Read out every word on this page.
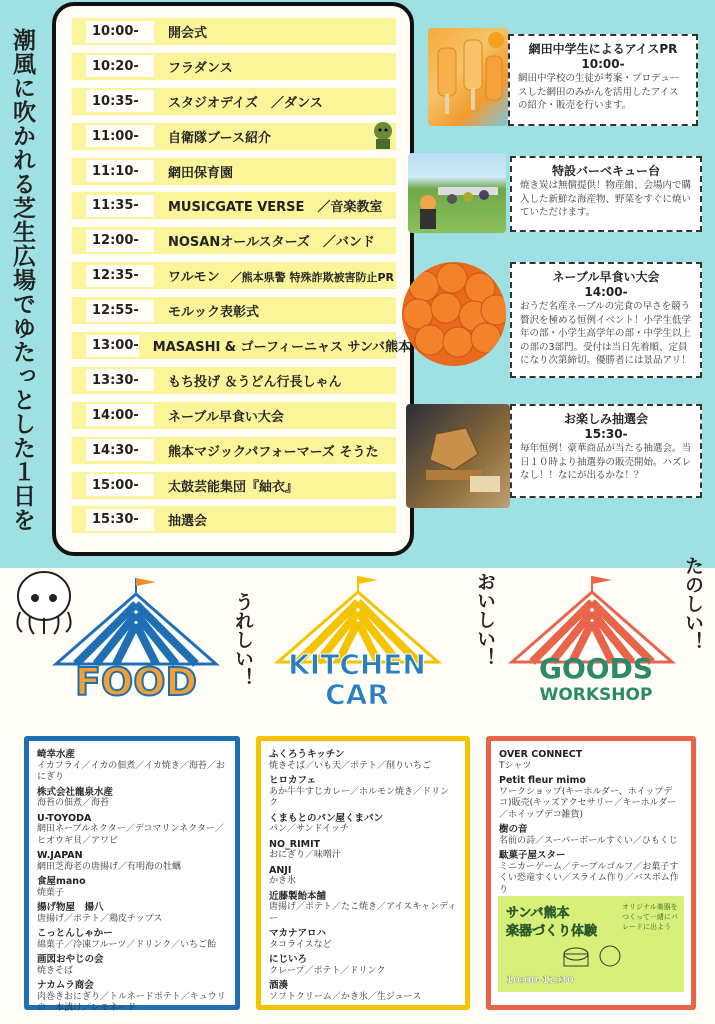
潮風に吹かれる芝生広場でゆたっとした１日を	10:00-	開会式
10:20-	フラダンス
10:35-	スタジオデイズ　／ダンス
11:00-	自衛隊ブース紹介
11:10-	網田保育園
11:35-	MUSICGATE VERSE　／音楽教室
12:00-	NOSANオールスターズ　／バンド
12:35-	ワルモン　／熊本県警 特殊詐欺被害防止PR
12:55-	モルック表彰式
13:00- MASASHI & ゴーフィーニャス サンバ熊本
13:30-	もち投げ ＆うどん行長しゃん
14:00-	ネーブル早食い大会
14:30-	熊本マジックパフォーマーズ そうた
15:00-	太鼓芸能集団『紬衣』
15:30-	抽選会
網田中学生によるアイスPR
10:00-
網田中学校の生徒が考案・プロデュースした網田のみかんを活用したアイスの紹介・販売を行います。
特設バーベキュー台
焼き炭は無償提供！物産館、会場内で購入した新鮮な海産物、野菜をすぐに焼いていただけます。
ネーブル早食い大会
14:00-
おうだ名産ネーブルの完食の早さを競う贅沢を極める恒例イベント！小学生低学年の部・小学生高学年の部・中学生以上の部の3部門。受付は当日先着順、定員になり次第締切。優勝者には景品アリ！
お楽しみ抽選会
15:30-
毎年恒例！豪華商品が当たる抽選会。当日１０時より抽選券の販売開始。ハズレなし！！なにが出るかな！？
FOOD	うれしい！	KITCHEN
CAR
おいしい！
GOODS
WORKSHOP
たのしい！
崎幸水産
イカフライ／イカの佃煮／イカ焼き／海苔／おにぎり
株式会社龍泉水産
海苔の佃煮／海苔
U-TOYODA
網田ネーブルネクター／デコマリンネクター／ヒオウギ貝／アワビ
W.JAPAN
網田芝海老の唐揚げ／有明海の牡蠣
食屋mano
焼菓子
揚げ物屋　揚八
唐揚げ／ポテト／鶏皮チップス
こっとんしゃかー
綿菓子／冷凍フルーツ／ドリンク／いちご飴
画図おやじの会
焼きそば
ナカムラ商会
肉巻きおにぎり／トルネードポテト／キュウリの一本漬け／レモネード
ふくろうキッチン
焼きそば／いも天／ポテト／削りいちご
ヒロカフェ
あか牛牛すじカレー／ホルモン焼き／ドリンク
くまもとのパン屋くまパン
パン／サンドイッチ
NO_RIMIT
おにぎり／味噌汁
ANJI
かき氷
近藤製飴本舗
唐揚げ／ポテト／たこ焼き／アイスキャンディー
マカナアロハ
タコライスなど
にじいろ
クレープ／ポテト／ドリンク
酒湊
ソフトクリーム／かき氷／生ジュース
OVER CONNECT
Tシャツ
Petit fleur mimo
ワークショップ(キーホルダー、ホイップデコ)販売(キッズアクセサリー／キーホルダー／ホイップデコ雑貨)
樹の音
名前の詩／スーパーボールすくい／ひもくじ
駄菓子屋スター
ミニカーゲーム／テーブルゴルフ／お菓子すくい恐竜すくい／スライム作り／バスボム作り
サンバ熊本
楽器づくり体験
オリジナル楽器をつくって一緒にパレードに出よう
10:00-12:30
